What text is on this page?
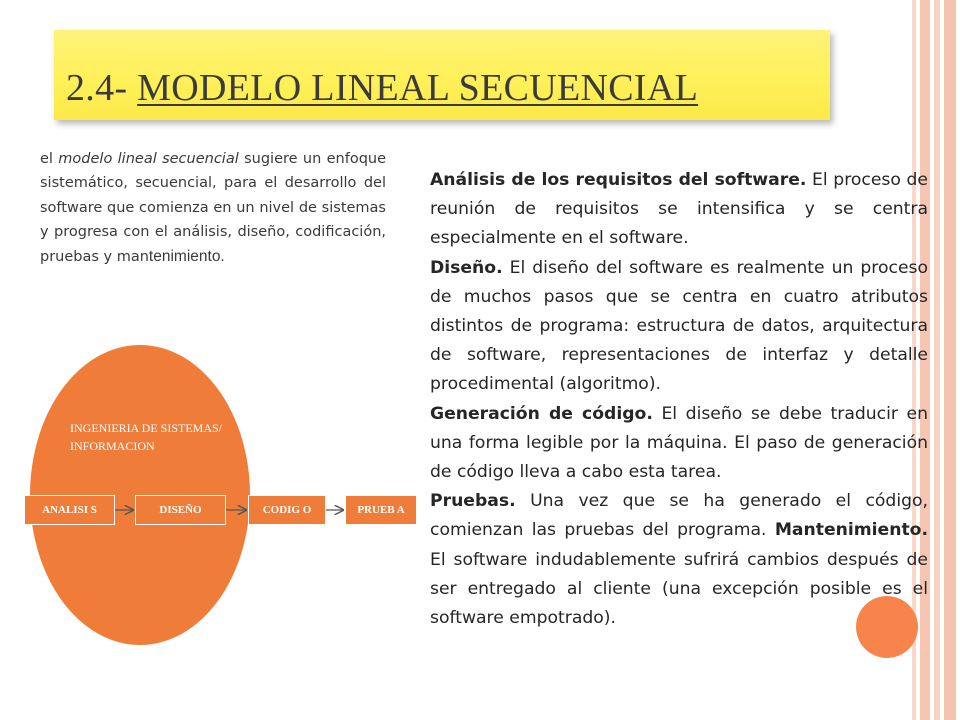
2.4- MODELO LINEAL SECUENCIAL
el modelo lineal secuencial sugiere un enfoque sistemático, secuencial, para el desarrollo del software que comienza en un nivel de sistemas y progresa con el análisis, diseño, codificación, pruebas y mantenimiento.
INGENIERIA DE SISTEMAS/ INFORMACION
ANALISI S	DISEÑO	CODIG O	PRUEB A
Análisis de los requisitos del software. El proceso de reunión de requisitos se intensifica y se centra especialmente en el software.
Diseño. El diseño del software es realmente un proceso de muchos pasos que se centra en cuatro atributos distintos de programa: estructura de datos, arquitectura de software, representaciones de interfaz y detalle procedimental (algoritmo).
Generación de código. El diseño se debe traducir en una forma legible por la máquina. El paso de generación de código lleva a cabo esta tarea.
Pruebas. Una vez que se ha generado el código, comienzan las pruebas del programa. Mantenimiento. El software indudablemente sufrirá cambios después de ser entregado al cliente (una excepción posible es el software empotrado).
